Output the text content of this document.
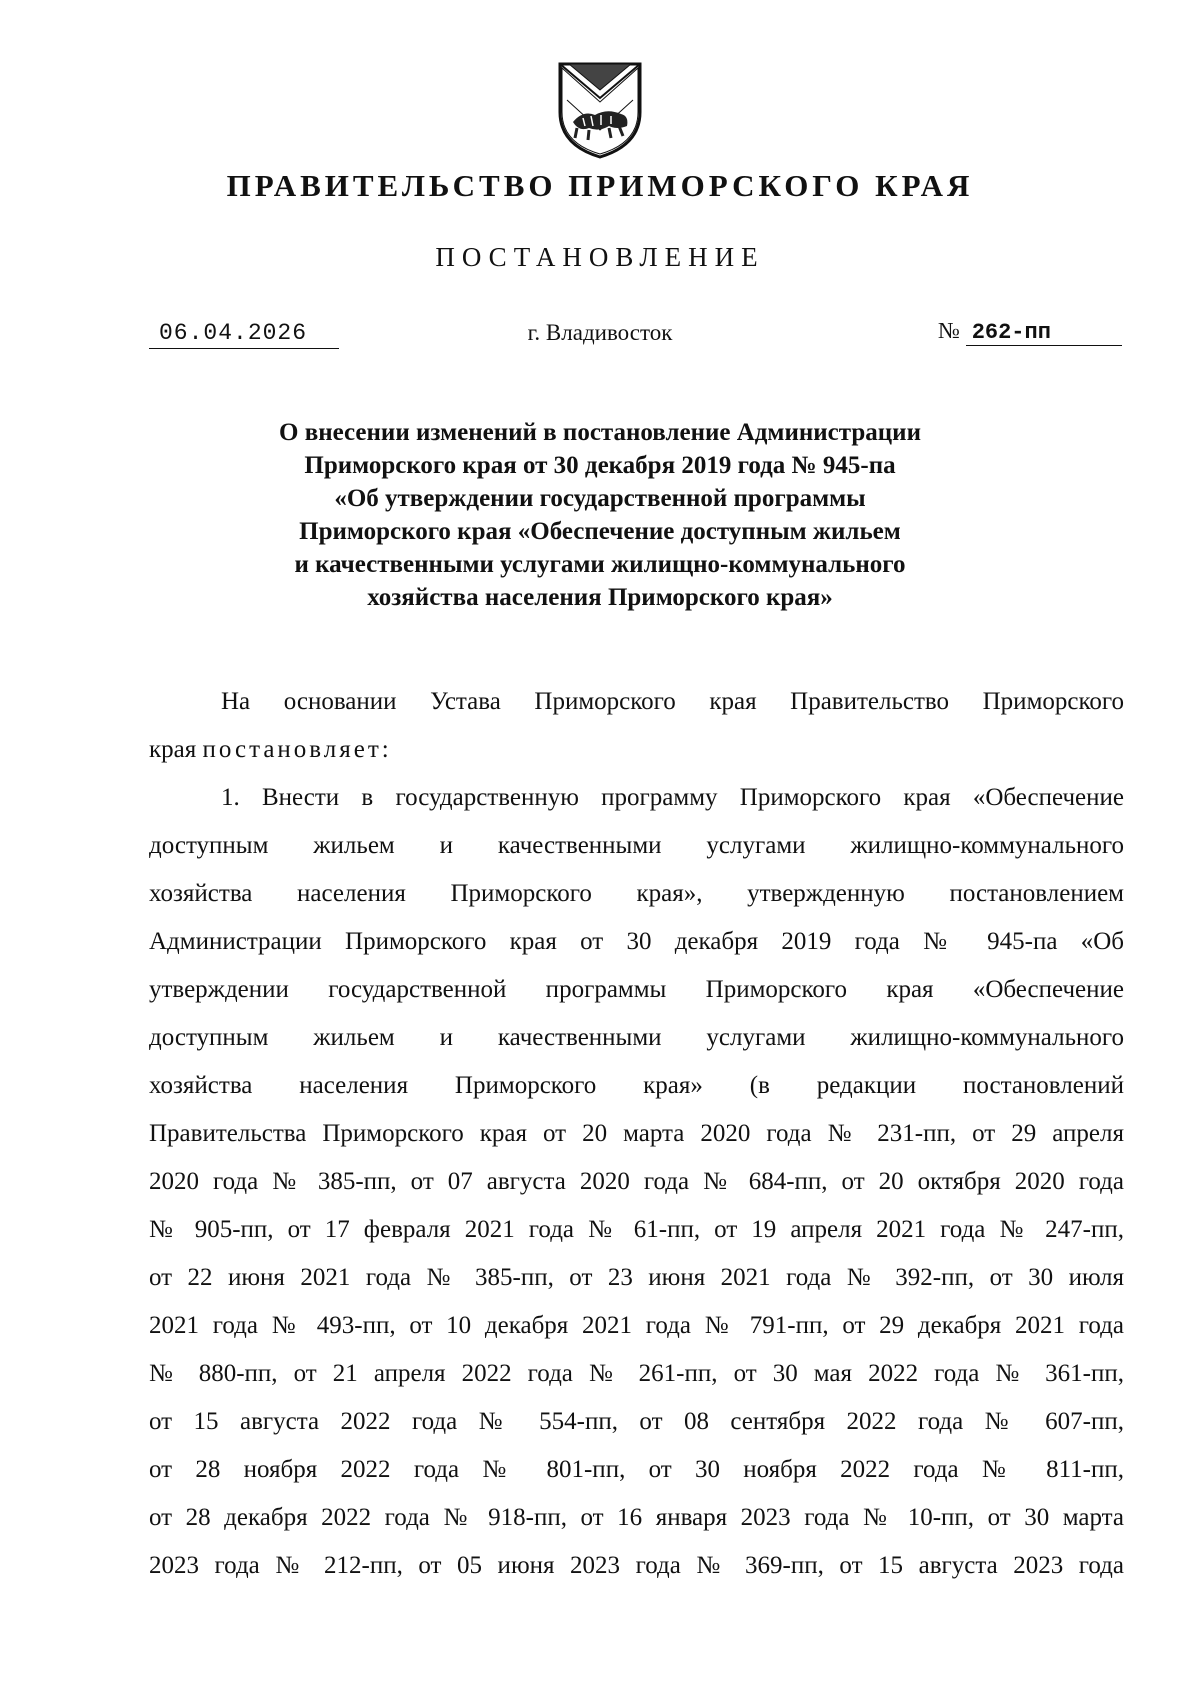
ПРАВИТЕЛЬСТВО ПРИМОРСКОГО КРАЯ
ПОСТАНОВЛЕНИЕ
06.04.2026	г. Владивосток	№ 262-пп
О внесении изменений в постановление Администрации
Приморского края от 30 декабря 2019 года № 945-па
«Об утверждении государственной программы
Приморского края «Обеспечение доступным жильем
и качественными услугами жилищно-коммунального
хозяйства населения Приморского края»
На основании Устава Приморского края Правительство Приморского
края постановляет:
1. Внести в государственную программу Приморского края «Обеспечение
доступным жильем и качественными услугами жилищно-коммунального
хозяйства населения Приморского края», утвержденную постановлением
Администрации Приморского края от 30 декабря 2019 года № 945-па «Об
утверждении государственной программы Приморского края «Обеспечение
доступным жильем и качественными услугами жилищно-коммунального
хозяйства населения Приморского края» (в редакции постановлений
Правительства Приморского края от 20 марта 2020 года № 231-пп, от 29 апреля
2020 года № 385-пп, от 07 августа 2020 года № 684-пп, от 20 октября 2020 года
№ 905-пп, от 17 февраля 2021 года № 61-пп, от 19 апреля 2021 года № 247-пп,
от 22 июня 2021 года № 385-пп, от 23 июня 2021 года № 392-пп, от 30 июля
2021 года № 493-пп, от 10 декабря 2021 года № 791-пп, от 29 декабря 2021 года
№ 880-пп, от 21 апреля 2022 года № 261-пп, от 30 мая 2022 года № 361-пп,
от 15 августа 2022 года № 554-пп, от 08 сентября 2022 года № 607-пп,
от 28 ноября 2022 года № 801-пп, от 30 ноября 2022 года № 811-пп,
от 28 декабря 2022 года № 918-пп, от 16 января 2023 года № 10-пп, от 30 марта
2023 года № 212-пп, от 05 июня 2023 года № 369-пп, от 15 августа 2023 года
